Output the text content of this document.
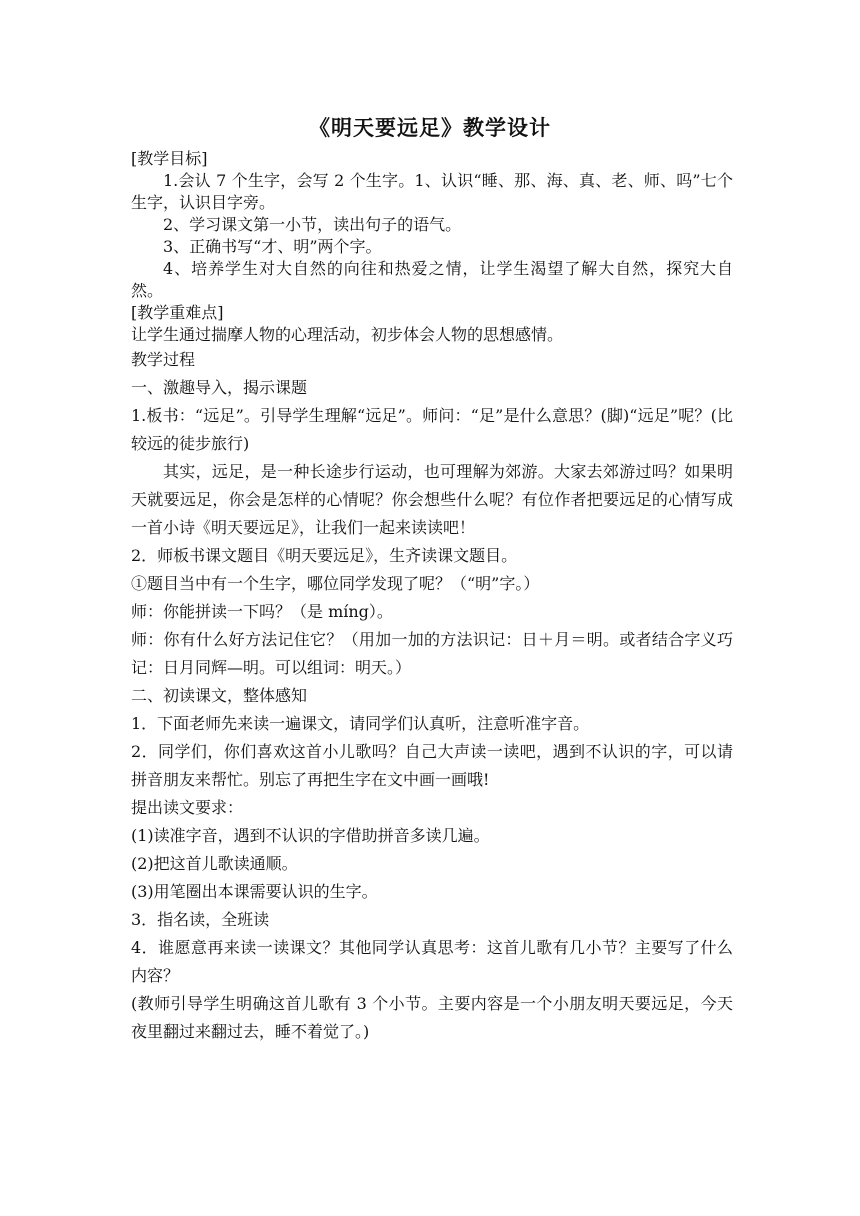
《明天要远足》教学设计

[教学目标]

1.会认 7 个生字，会写 2 个生字。1、认识“睡、那、海、真、老、师、吗”七个生字，认识目字旁。

2、学习课文第一小节，读出句子的语气。

3、正确书写“才、明”两个字。

4、培养学生对大自然的向往和热爱之情，让学生渴望了解大自然，探究大自然。

[教学重难点]

让学生通过揣摩人物的心理活动，初步体会人物的思想感情。

教学过程

一、激趣导入，揭示课题

1.板书：“远足”。引导学生理解“远足”。师问：“足”是什么意思？(脚)“远足”呢？(比较远的徒步旅行)

其实，远足，是一种长途步行运动，也可理解为郊游。大家去郊游过吗？如果明天就要远足，你会是怎样的心情呢？你会想些什么呢？有位作者把要远足的心情写成一首小诗《明天要远足》，让我们一起来读读吧！

2．师板书课文题目《明天要远足》，生齐读课文题目。

①题目当中有一个生字，哪位同学发现了呢？（“明”字。）

师：你能拼读一下吗？（是 míng）。

师：你有什么好方法记住它？（用加一加的方法识记：日＋月＝明。或者结合字义巧记：日月同辉—明。可以组词：明天。）

二、初读课文，整体感知

1．下面老师先来读一遍课文，请同学们认真听，注意听准字音。

2．同学们，你们喜欢这首小儿歌吗？自己大声读一读吧，遇到不认识的字，可以请拼音朋友来帮忙。别忘了再把生字在文中画一画哦!

提出读文要求：

(1)读准字音，遇到不认识的字借助拼音多读几遍。

(2)把这首儿歌读通顺。

(3)用笔圈出本课需要认识的生字。

3．指名读，全班读

4．谁愿意再来读一读课文？其他同学认真思考：这首儿歌有几小节？主要写了什么内容？

(教师引导学生明确这首儿歌有 3 个小节。主要内容是一个小朋友明天要远足，今天夜里翻过来翻过去，睡不着觉了。)
